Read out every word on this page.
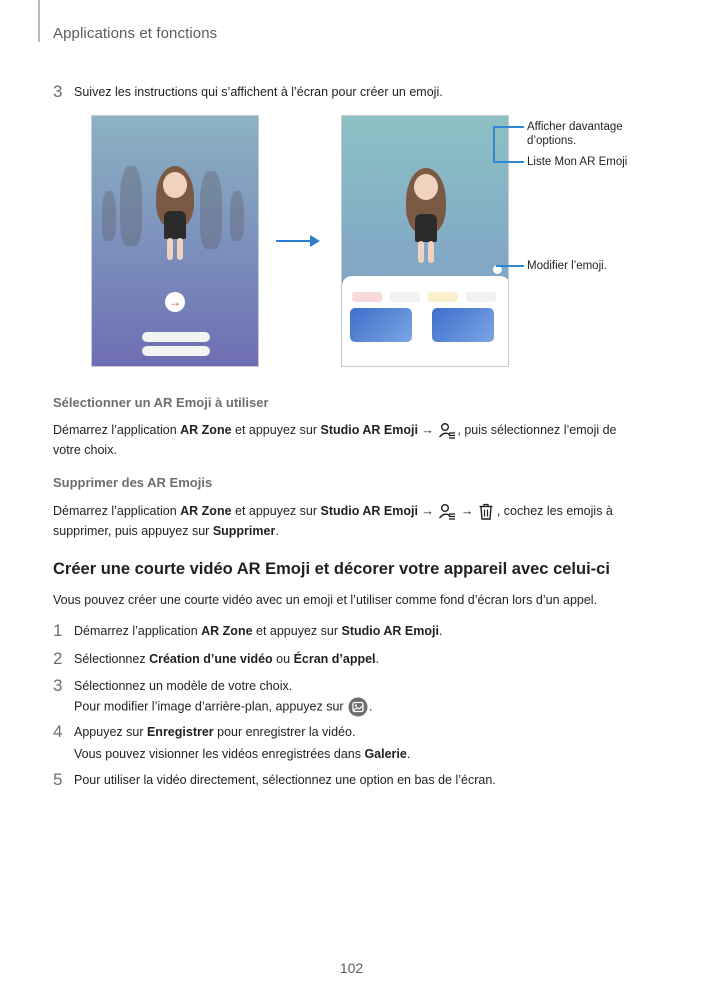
Applications et fonctions
3 Suivez les instructions qui s’affichent à l’écran pour créer un emoji.
→
Afficher davantage d’options.
Liste Mon AR Emoji
Modifier l’emoji.
Sélectionner un AR Emoji à utiliser
Démarrez l’application AR Zone et appuyez sur Studio AR Emoji → , puis sélectionnez l’emoji de votre choix.
Supprimer des AR Emojis
Démarrez l’application AR Zone et appuyez sur Studio AR Emoji →  → , cochez les emojis à supprimer, puis appuyez sur Supprimer.
Créer une courte vidéo AR Emoji et décorer votre appareil avec celui-ci
Vous pouvez créer une courte vidéo avec un emoji et l’utiliser comme fond d’écran lors d’un appel.
1 Démarrez l’application AR Zone et appuyez sur Studio AR Emoji.
2 Sélectionnez Création d’une vidéo ou Écran d’appel.
3 Sélectionnez un modèle de votre choix.
Pour modifier l’image d’arrière-plan, appuyez sur .
4 Appuyez sur Enregistrer pour enregistrer la vidéo.
Vous pouvez visionner les vidéos enregistrées dans Galerie.
5 Pour utiliser la vidéo directement, sélectionnez une option en bas de l’écran.
102
